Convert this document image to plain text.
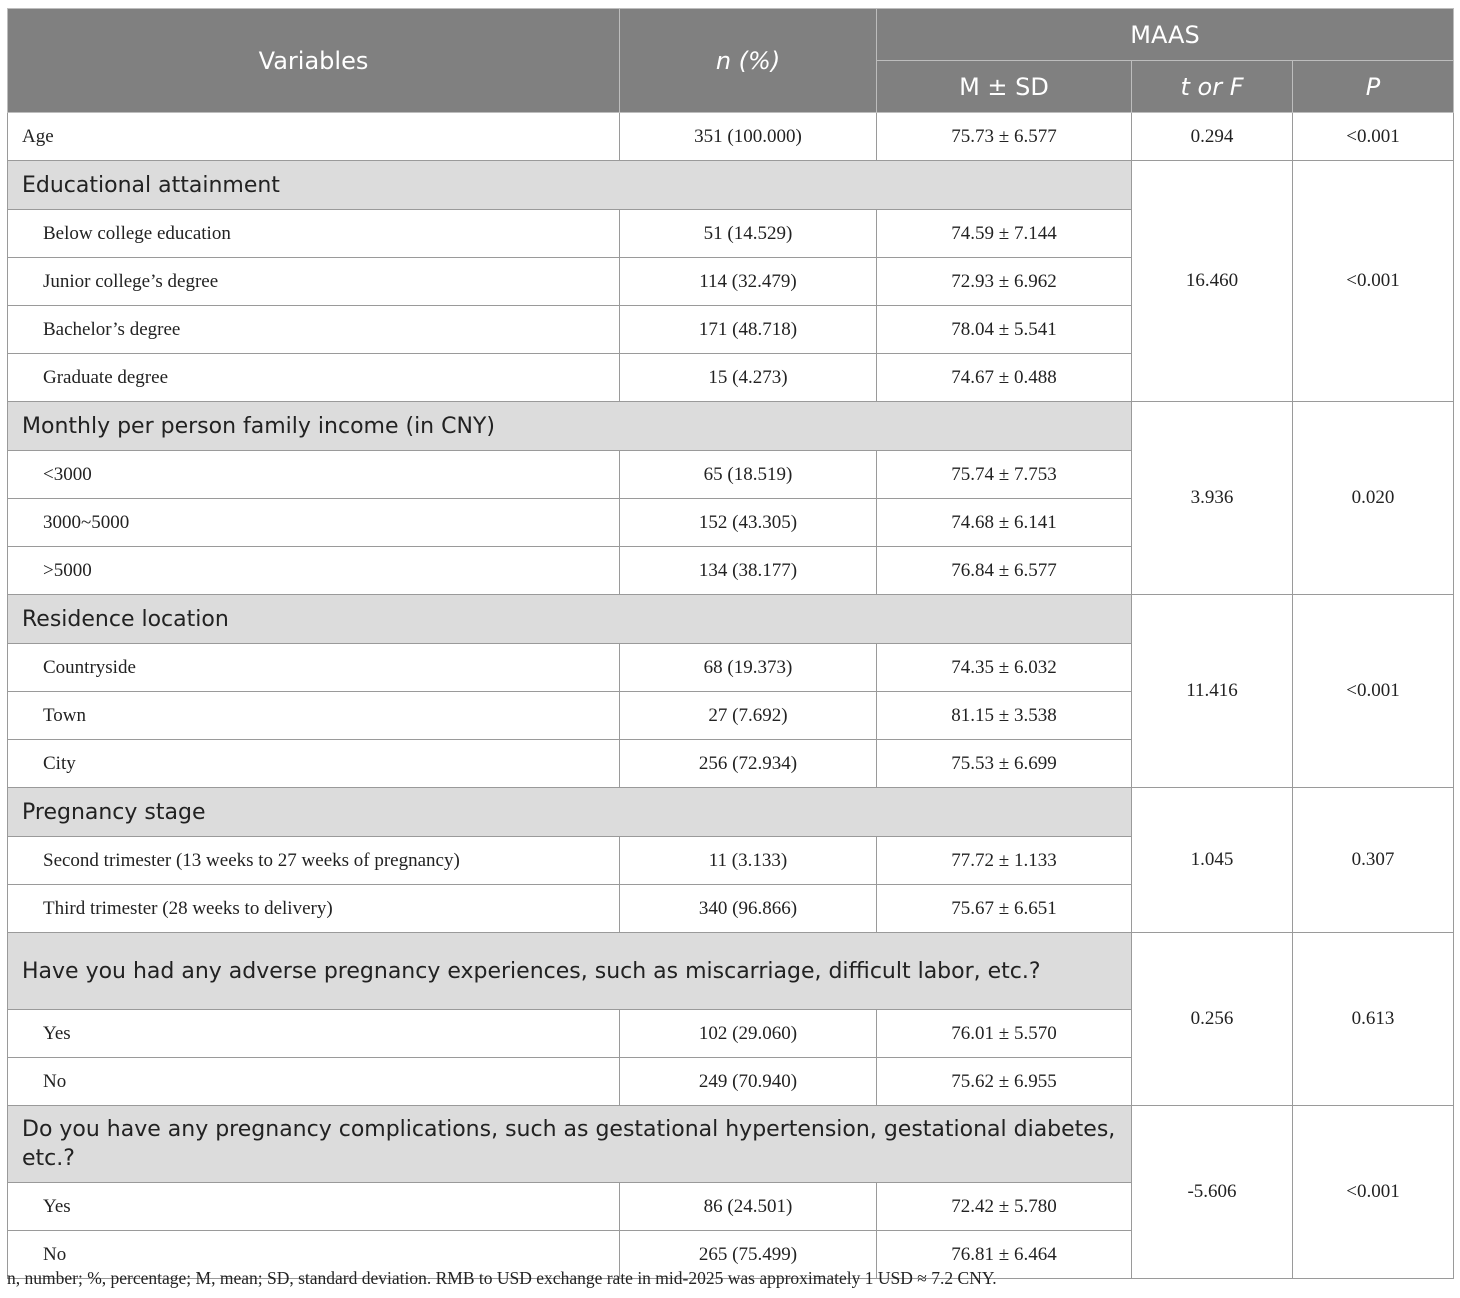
Variables	n (%)	MAAS		
		M ± SD	t or F	P
Age	351 (100.000)	75.73 ± 6.577	0.294	<0.001
Educational attainment			16.460	<0.001
Below college education	51 (14.529)	74.59 ± 7.144		
Junior college’s degree	114 (32.479)	72.93 ± 6.962		
Bachelor’s degree	171 (48.718)	78.04 ± 5.541		
Graduate degree	15 (4.273)	74.67 ± 0.488		
Monthly per person family income (in CNY)			3.936	0.020
<3000	65 (18.519)	75.74 ± 7.753		
3000~5000	152 (43.305)	74.68 ± 6.141		
>5000	134 (38.177)	76.84 ± 6.577		
Residence location			11.416	<0.001
Countryside	68 (19.373)	74.35 ± 6.032		
Town	27 (7.692)	81.15 ± 3.538		
City	256 (72.934)	75.53 ± 6.699		
Pregnancy stage			1.045	0.307
Second trimester (13 weeks to 27 weeks of pregnancy)	11 (3.133)	77.72 ± 1.133		
Third trimester (28 weeks to delivery)	340 (96.866)	75.67 ± 6.651		
Have you had any adverse pregnancy experiences, such as miscarriage, difficult labor, etc.?			0.256	0.613
Yes	102 (29.060)	76.01 ± 5.570		
No	249 (70.940)	75.62 ± 6.955		
Do you have any pregnancy complications, such as gestational hypertension, gestational diabetes, etc.?			-5.606	<0.001
Yes	86 (24.501)	72.42 ± 5.780		
No	265 (75.499)	76.81 ± 6.464		
n, number; %, percentage; M, mean; SD, standard deviation. RMB to USD exchange rate in mid-2025 was approximately 1 USD ≈ 7.2 CNY.
